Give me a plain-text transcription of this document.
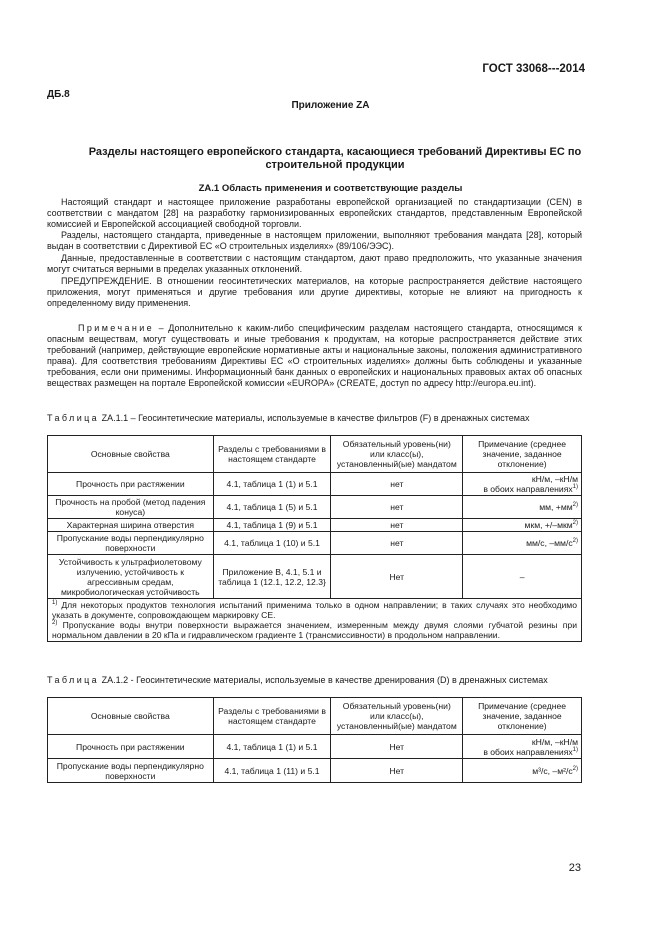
ГОСТ 33068---2014
ДБ.8
Приложение ZA
Разделы настоящего европейского стандарта, касающиеся требований Директивы ЕС по строительной продукции
ZA.1 Область применения и соответствующие разделы
Настоящий стандарт и настоящее приложение разработаны европейской организацией по стандартизации (CEN) в соответствии с мандатом [28] на разработку гармонизированных европейских стандартов, представленным Европейской комиссией и Европейской ассоциацией свободной торговли.
Разделы, настоящего стандарта, приведенные в настоящем приложении, выполняют требования мандата [28], который выдан в соответствии с Директивой ЕС «О строительных изделиях» (89/106/ЭЭС).
Данные, предоставленные в соответствии с настоящим стандартом, дают право предположить, что указанные значения могут считаться верными в пределах указанных отклонений.
ПРЕДУПРЕЖДЕНИЕ. В отношении геосинтетических материалов, на которые распространяется действие настоящего приложения, могут применяться и другие требования или другие директивы, которые не влияют на пригодность к определенному виду применения.
Примечание – Дополнительно к каким-либо специфическим разделам настоящего стандарта, относящимся к опасным веществам, могут существовать и иные требования к продуктам, на которые распространяется действие этих требований (например, действующие европейские нормативные акты и национальные законы, положения административного права). Для соответствия требованиям Директивы ЕС «О строительных изделиях» должны быть соблюдены и указанные требования, если они применимы. Информационный банк данных о европейских и национальных правовых актах об опасных веществах размещен на портале Европейской комиссии «EUROPA» (CREATE, доступ по адресу http://europa.eu.int).
Таблица ZA.1.1 – Геосинтетические материалы, используемые в качестве фильтров (F) в дренажных системах
Основные свойства	Разделы с требованиями в настоящем стандарте	Обязательный уровень(ни) или класс(ы), установленный(ые) мандатом	Примечание (среднее значение, заданное отклонение)
Прочность при растяжении	4.1, таблица 1 (1) и 5.1	нет	кН/м, –кН/м
в обоих направлениях$^{1)}$

Прочность на пробой (метод падения конуса)	4.1, таблица 1 (5) и 5.1	нет	мм, $+мм^{2)}$
Характерная ширина отверстия	4.1, таблица 1 (9) и 5.1	нет	мкм, +/–мкм$^{2)}$
Пропускание воды перпендикулярно поверхности	4.1, таблица 1 (10) и 5.1	нет	мм/с, $-мм/с^{2)}$
Устойчивость к ультрафиолетовому излучению, устойчивость к агрессивным средам, микробиологическая устойчивость	Приложение B, 4.1, 5.1 и таблица 1 (12.1, 12.2, 12.3}	Нет	–

$^{1)}$ Для некоторых продуктов технология испытаний применима только в одном направлении; в таких случаях это необходимо указать в документе, сопровождающем маркировку CE.
$^{2)}$ Пропускание воды внутри поверхности выражается значением, измеренным между двумя слоями губчатой резины при нормальном давлении в 20 кПа и гидравлическом градиенте 1 (трансмиссивности) в продольном направлении.			
Таблица ZA.1.2 - Геосинтетические материалы, используемые в качестве дренирования (D) в дренажных системах
Основные свойства	Разделы с требованиями в настоящем стандарте	Обязательный уровень(ни) или класс(ы), установленный(ые) мандатом	Примечание (среднее значение, заданное отклонение)
Прочность при растяжении	4.1, таблица 1 (1) и 5.1	Нет	кН/м, –кН/м
в обоих направлениях$^{1)}$

Пропускание воды перпендикулярно поверхности	4.1, таблица 1 (11) и 5.1	Нет	м³/с, $-м^2/с^{2)}$
23
